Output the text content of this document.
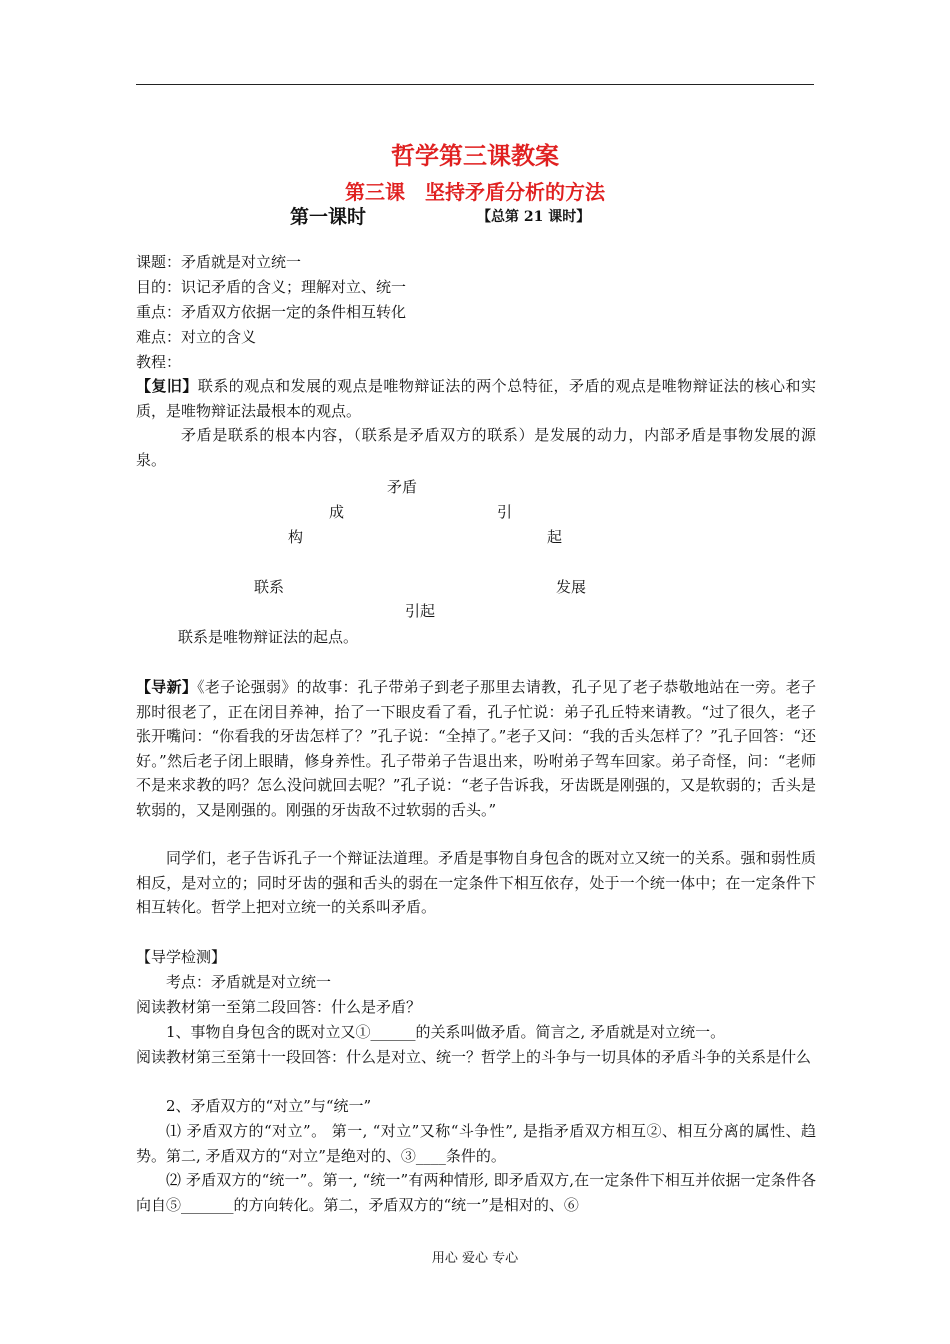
哲学第三课教案
第三课　坚持矛盾分析的方法
第一课时	【总第 21 课时】
课题：矛盾就是对立统一
目的：识记矛盾的含义；理解对立、统一
重点：矛盾双方依据一定的条件相互转化
难点：对立的含义
教程：
【复旧】联系的观点和发展的观点是唯物辩证法的两个总特征，矛盾的观点是唯物辩证法的核心和实质，是唯物辩证法最根本的观点。
矛盾是联系的根本内容，（联系是矛盾双方的联系）是发展的动力，内部矛盾是事物发展的源泉。
矛盾
成	引
构	起
联系	发展
引起
联系是唯物辩证法的起点。
【导新】《老子论强弱》的故事：孔子带弟子到老子那里去请教，孔子见了老子恭敬地站在一旁。老子那时很老了，正在闭目养神，抬了一下眼皮看了看，孔子忙说：弟子孔丘特来请教。“过了很久，老子张开嘴问：“你看我的牙齿怎样了？”孔子说：“全掉了。”老子又问：“我的舌头怎样了？”孔子回答：“还好。”然后老子闭上眼睛，修身养性。孔子带弟子告退出来，吩咐弟子驾车回家。弟子奇怪，问：“老师不是来求教的吗？怎么没问就回去呢？”孔子说：“老子告诉我，牙齿既是刚强的，又是软弱的；舌头是软弱的，又是刚强的。刚强的牙齿敌不过软弱的舌头。”
同学们，老子告诉孔子一个辩证法道理。矛盾是事物自身包含的既对立又统一的关系。强和弱性质相反，是对立的；同时牙齿的强和舌头的弱在一定条件下相互依存，处于一个统一体中；在一定条件下相互转化。哲学上把对立统一的关系叫矛盾。
【导学检测】
考点：矛盾就是对立统一
阅读教材第一至第二段回答：什么是矛盾？
1、事物自身包含的既对立又①______的关系叫做矛盾。简言之, 矛盾就是对立统一。
阅读教材第三至第十一段回答：什么是对立、统一？哲学上的斗争与一切具体的矛盾斗争的关系是什么
2、矛盾双方的“对立”与“统一”
⑴ 矛盾双方的“对立”。 第一, “对立”又称“斗争性”, 是指矛盾双方相互②、相互分离的属性、趋势。第二, 矛盾双方的“对立”是绝对的、③____条件的。
⑵ 矛盾双方的“统一”。第一, “统一”有两种情形, 即矛盾双方,在一定条件下相互并依据一定条件各向自⑤_______的方向转化。第二，矛盾双方的“统一”是相对的、⑥
用心 爱心 专心
